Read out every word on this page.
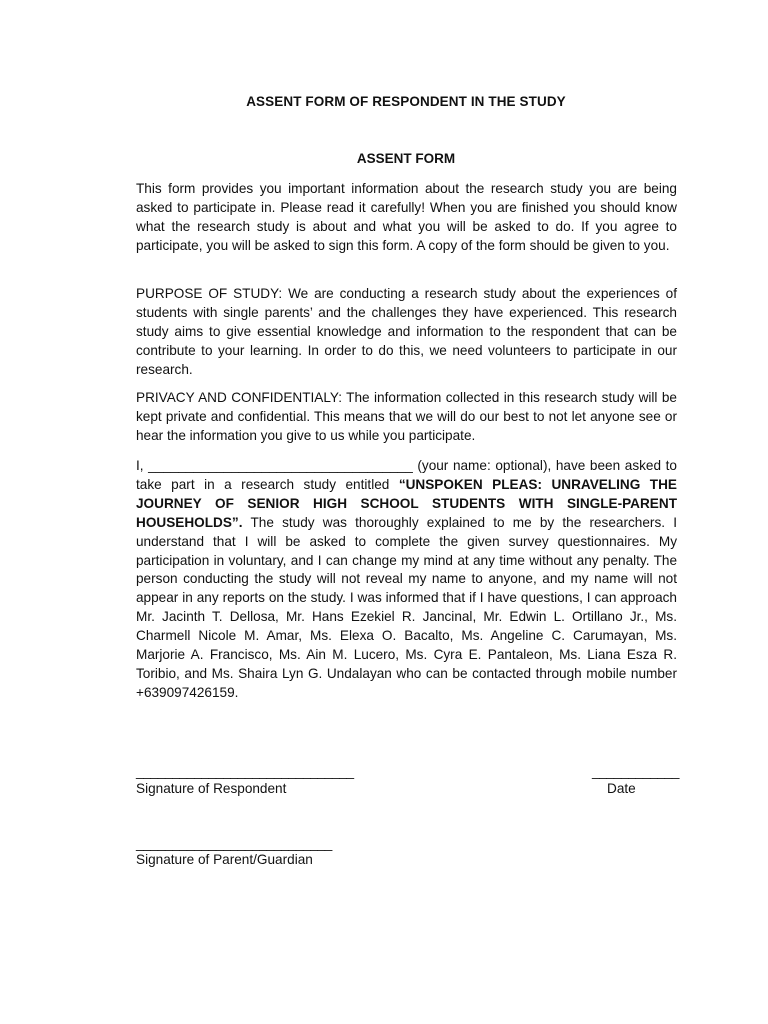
ASSENT FORM OF RESPONDENT IN THE STUDY
ASSENT FORM

This form provides you important information about the research study you are being asked to participate in. Please read it carefully! When you are finished you should know what the research study is about and what you will be asked to do. If you agree to participate, you will be asked to sign this form. A copy of the form should be given to you.

PURPOSE OF STUDY: We are conducting a research study about the experiences of students with single parents’ and the challenges they have experienced. This research study aims to give essential knowledge and information to the respondent that can be contribute to your learning. In order to do this, we need volunteers to participate in our research.

PRIVACY AND CONFIDENTIALY: The information collected in this research study will be kept private and confidential. This means that we will do our best to not let anyone see or hear the information you give to us while you participate.

I, ___________________________________ (your name: optional), have been asked to take part in a research study entitled “UNSPOKEN PLEAS: UNRAVELING THE JOURNEY OF SENIOR HIGH SCHOOL STUDENTS WITH SINGLE-PARENT HOUSEHOLDS”. The study was thoroughly explained to me by the researchers. I understand that I will be asked to complete the given survey questionnaires. My participation in voluntary, and I can change my mind at any time without any penalty. The person conducting the study will not reveal my name to anyone, and my name will not appear in any reports on the study. I was informed that if I have questions, I can approach Mr. Jacinth T. Dellosa, Mr. Hans Ezekiel R. Jancinal, Mr. Edwin L. Ortillano Jr., Ms. Charmell Nicole M. Amar, Ms. Elexa O. Bacalto, Ms. Angeline C. Carumayan, Ms. Marjorie A. Francisco, Ms. Ain M. Lucero, Ms. Cyra E. Pantaleon, Ms. Liana Esza R. Toribio, and Ms. Shaira Lyn G. Undalayan who can be contacted through mobile number +639097426159.

______________________________
Signature of Respondent
____________
Date
___________________________
Signature of Parent/Guardian
